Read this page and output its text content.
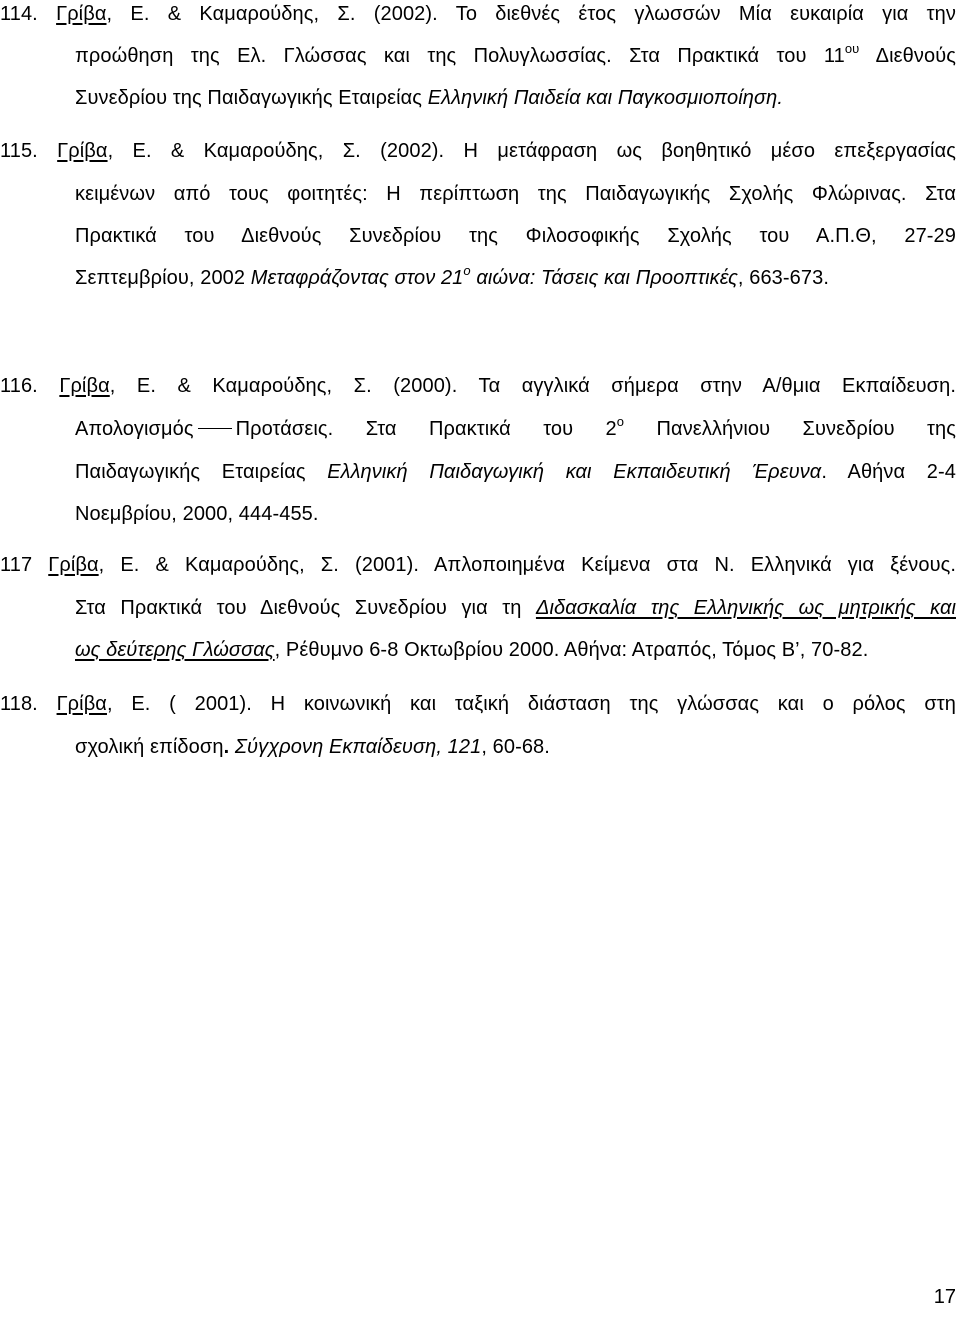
114. Γρίβα, Ε. & Καμαρούδης, Σ. (2002). Το διεθνές έτος γλωσσών Μία ευκαιρία για την
προώθηση της Ελ. Γλώσσας και της Πολυγλωσσίας. Στα Πρακτικά του $11^{o\upsilon}$ Διεθνούς
Συνεδρίου της Παιδαγωγικής Εταιρείας Ελληνική Παιδεία και Παγκοσμιοποίηση.
115. Γρίβα, Ε. & Καμαρούδης, Σ. (2002). Η μετάφραση ως βοηθητικό μέσο επεξεργασίας
κειμένων από τους φοιτητές: Η περίπτωση της Παιδαγωγικής Σχολής Φλώρινας. Στα
Πρακτικά του Διεθνούς Συνεδρίου της Φιλοσοφικής Σχολής του Α.Π.Θ, 27-29
Σεπτεμβρίου, 2002 Μεταφράζοντας στον $21^o$ αιώνα: Τάσεις και Προοπτικές, 663-673.
116. Γρίβα, Ε. & Καμαρούδης, Σ. (2000). Τα αγγλικά σήμερα στην Α/θμια Εκπαίδευση.
Απολογισμός Προτάσεις. Στα Πρακτικά του $2^o$ Πανελλήνιου Συνεδρίου της
Παιδαγωγικής Εταιρείας Ελληνική Παιδαγωγική και Εκπαιδευτική Έρευνα. Αθήνα 2-4
Νοεμβρίου, 2000, 444-455.
117 Γρίβα, Ε. & Καμαρούδης, Σ. (2001). Απλοποιημένα Κείμενα στα Ν. Ελληνικά για ξένους.
Στα Πρακτικά του Διεθνούς Συνεδρίου για τη Διδασκαλία της Ελληνικής ως μητρικής και
ως δεύτερης Γλώσσας, Ρέθυμνο 6-8 Οκτωβρίου 2000. Αθήνα: Ατραπός, Τόμος Β’, 70-82.
118. Γρίβα, Ε. ( 2001). Η κοινωνική και ταξική διάσταση της γλώσσας και ο ρόλος στη
σχολική επίδοση. Σύγχρονη Εκπαίδευση, 121, 60-68.
17
